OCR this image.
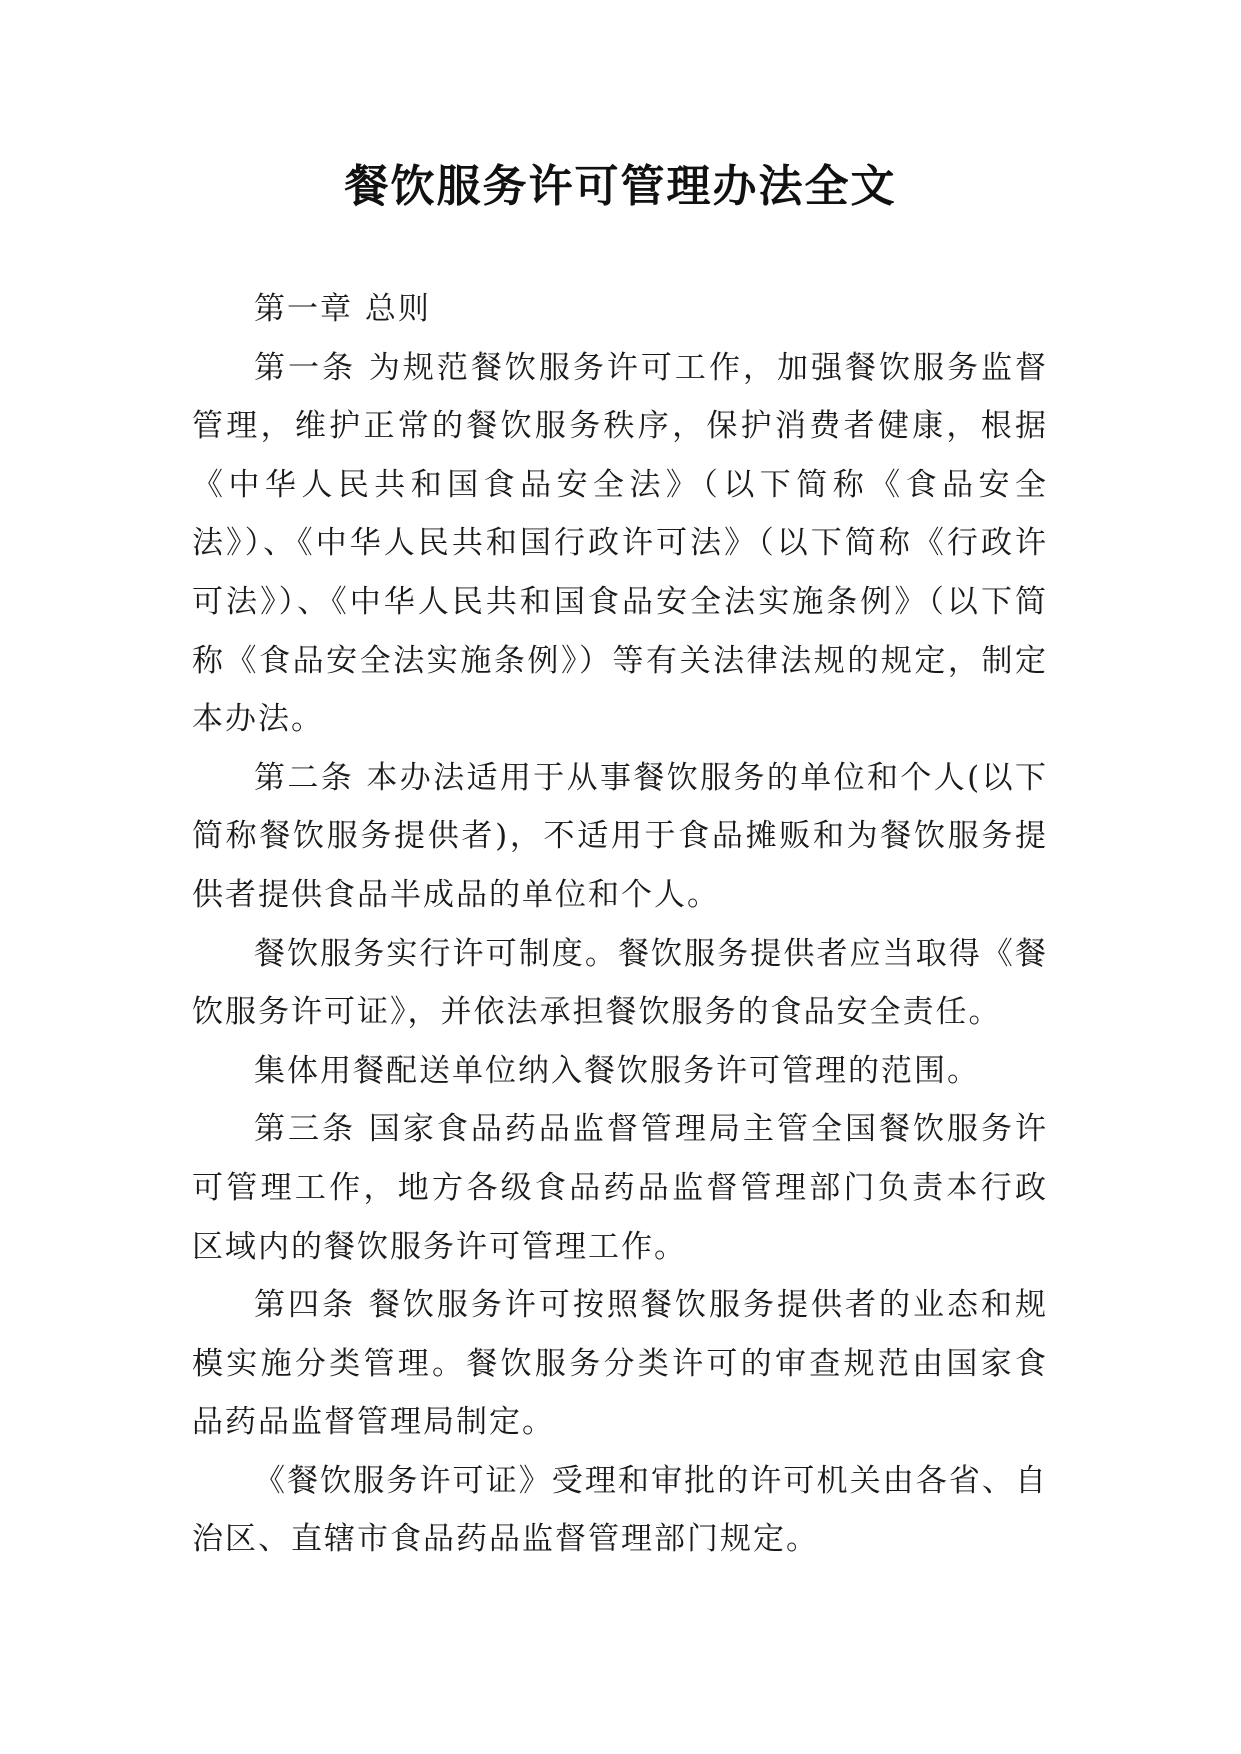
餐饮服务许可管理办法全文

第一章 总则

第一条 为规范餐饮服务许可工作，加强餐饮服务监督管理，维护正常的餐饮服务秩序，保护消费者健康，根据《中华人民共和国食品安全法》（以下简称《食品安全法》）、《中华人民共和国行政许可法》（以下简称《行政许可法》）、《中华人民共和国食品安全法实施条例》（以下简称《食品安全法实施条例》）等有关法律法规的规定，制定本办法。

第二条 本办法适用于从事餐饮服务的单位和个人(以下简称餐饮服务提供者)，不适用于食品摊贩和为餐饮服务提供者提供食品半成品的单位和个人。

餐饮服务实行许可制度。餐饮服务提供者应当取得《餐饮服务许可证》，并依法承担餐饮服务的食品安全责任。

集体用餐配送单位纳入餐饮服务许可管理的范围。

第三条 国家食品药品监督管理局主管全国餐饮服务许可管理工作，地方各级食品药品监督管理部门负责本行政区域内的餐饮服务许可管理工作。

第四条 餐饮服务许可按照餐饮服务提供者的业态和规模实施分类管理。餐饮服务分类许可的审查规范由国家食品药品监督管理局制定。

《餐饮服务许可证》受理和审批的许可机关由各省、自治区、直辖市食品药品监督管理部门规定。
